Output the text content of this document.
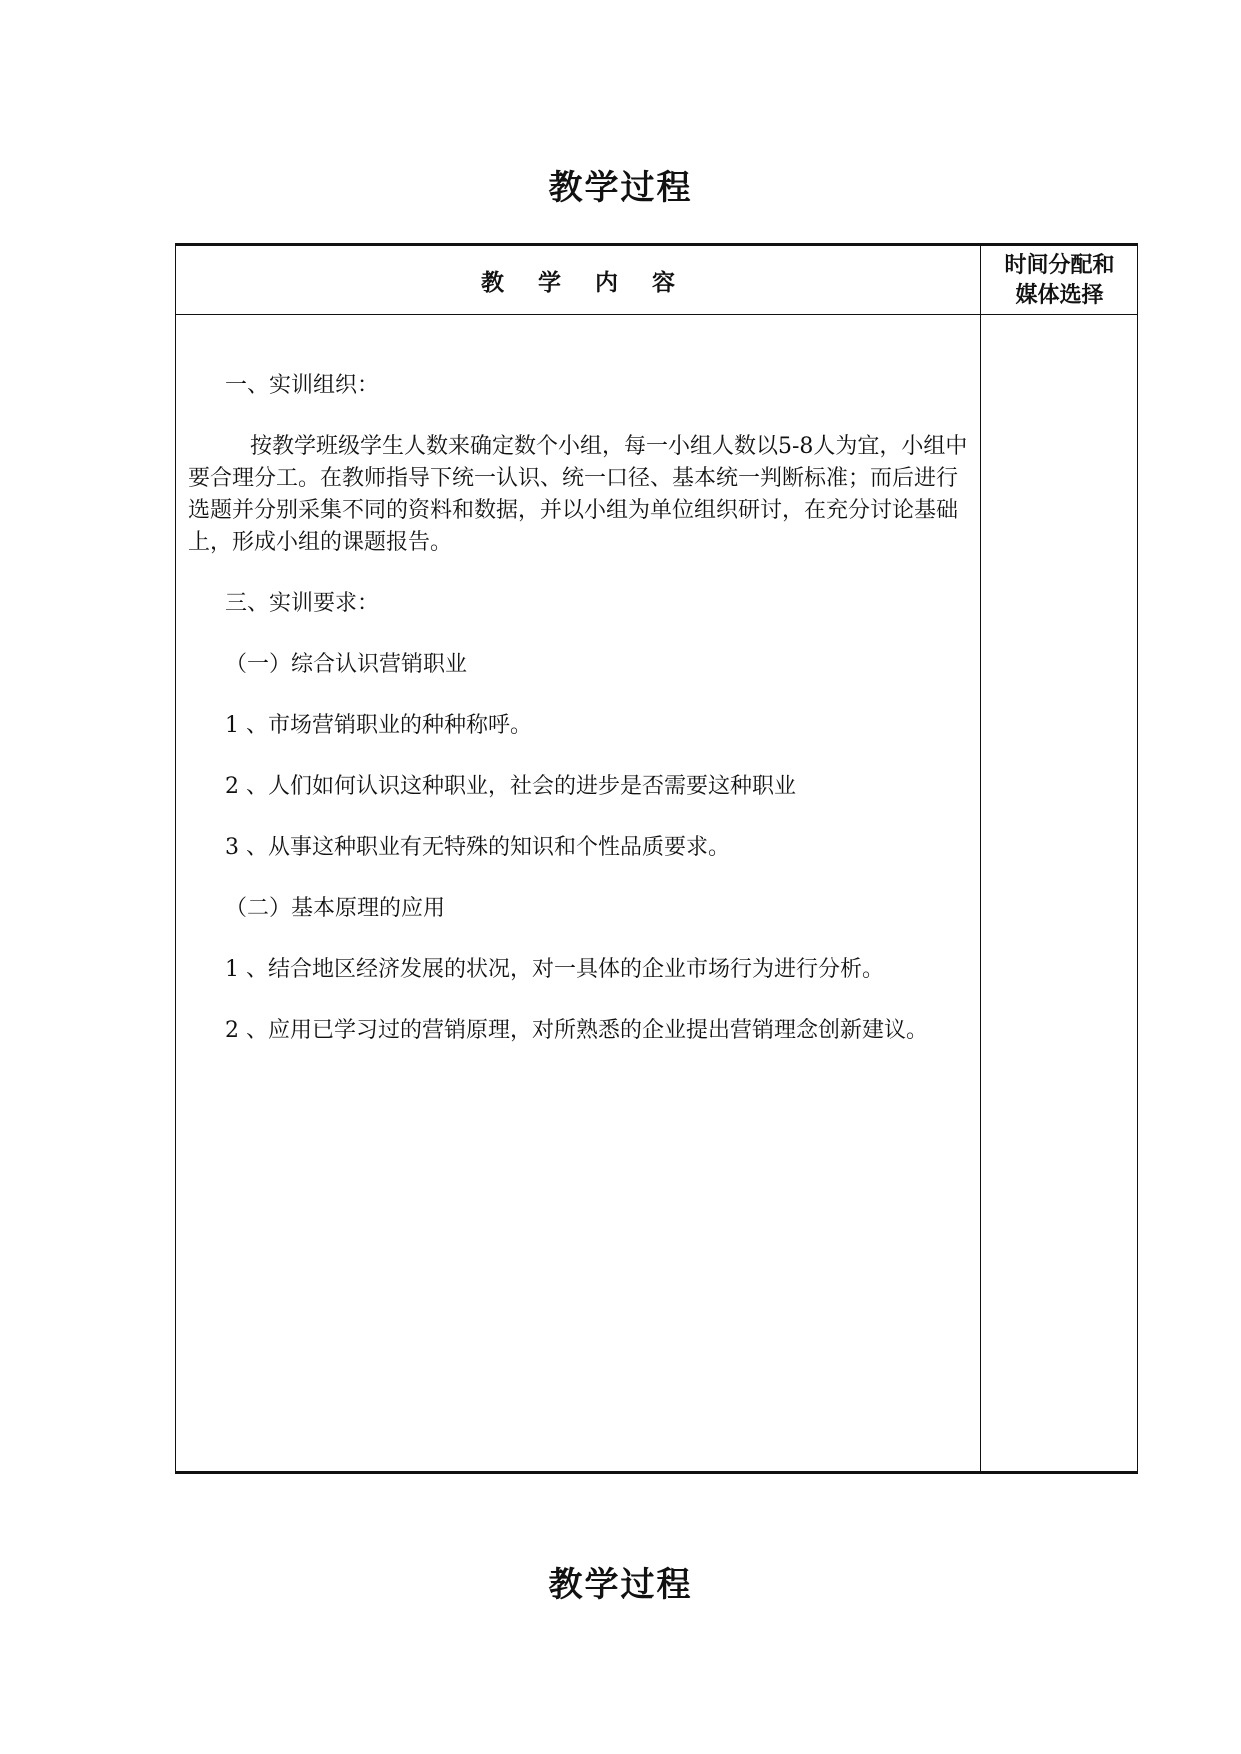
教学过程
教学内容
时间分配和
媒体选择

一、实训组织：

按教学班级学生人数来确定数个小组，每一小组人数以5-8人为宜，小组中要合理分工。在教师指导下统一认识、统一口径、基本统一判断标准；而后进行选题并分别采集不同的资料和数据，并以小组为单位组织研讨，在充分讨论基础上，形成小组的课题报告。

三、实训要求：

（一）综合认识营销职业

1 、市场营销职业的种种称呼。

2 、人们如何认识这种职业，社会的进步是否需要这种职业

3 、从事这种职业有无特殊的知识和个性品质要求。

（二）基本原理的应用

1 、结合地区经济发展的状况，对一具体的企业市场行为进行分析。

2 、应用已学习过的营销原理，对所熟悉的企业提出营销理念创新建议。

教学过程
